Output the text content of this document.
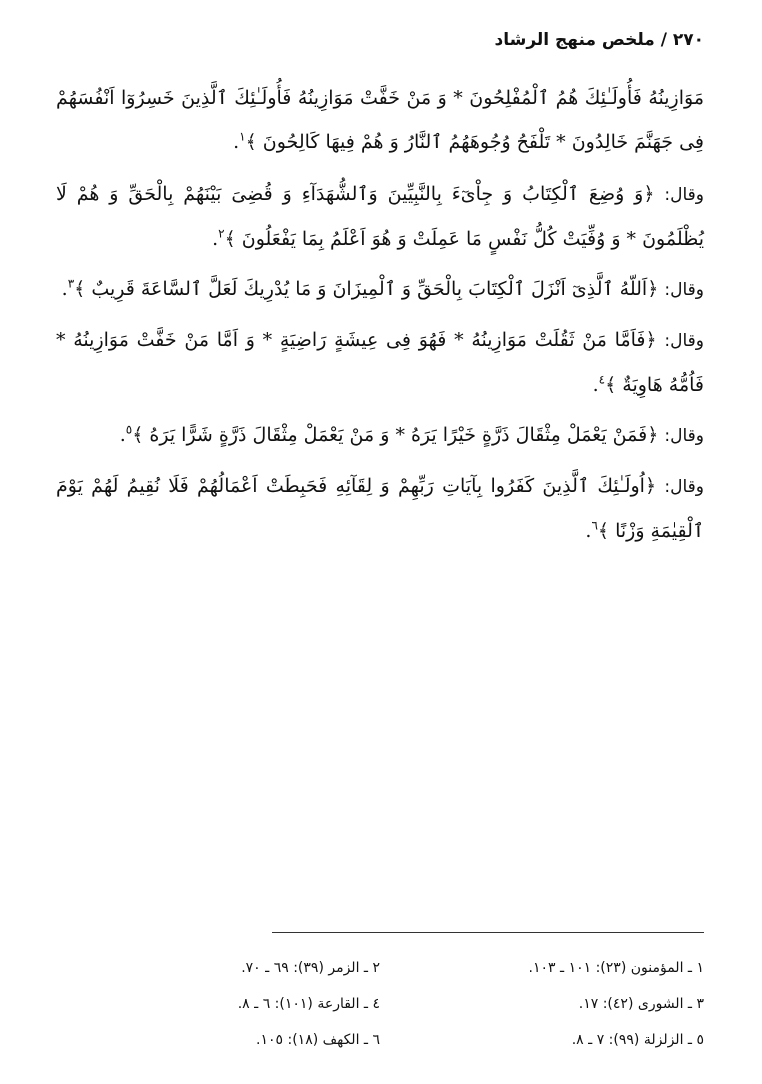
٢٧٠ / ملخص منهج الرشاد

مَوَازِينُهُ فَأُولَـٰئِكَ هُمُ ٱلْمُفْلِحُونَ * وَ مَنْ خَفَّتْ مَوَازِينُهُ فَأُولَـٰئِكَ ٱلَّذِينَ خَسِرُوٓا اَنْفُسَهُمْ فِى جَهَنَّمَ خَالِدُونَ * تَلْفَحُ وُجُوهَهُمُ ٱلنَّارُ وَ هُمْ فِيهَا كَالِحُونَ ﴾$^١$.

وقال: ﴿وَ وُضِعَ ٱلْكِتَابُ وَ جِاْىٓءَ بِالنَّبِيِّينَ وَٱلشُّهَدَآءِ وَ قُضِىَ بَيْنَهُمْ بِالْحَقِّ وَ هُمْ لَا يُظْلَمُونَ * وَ وُفِّيَتْ كُلُّ نَفْسٍ مَا عَمِلَتْ وَ هُوَ اَعْلَمُ بِمَا يَفْعَلُونَ ﴾$^٢$.

وقال: ﴿اَللّهُ ٱلَّذِىٓ اَنْزَلَ ٱلْكِتَابَ بِالْحَقِّ وَ ٱلْمِيزَانَ وَ مَا يُدْرِيكَ لَعَلَّ ٱلسَّاعَةَ قَرِيبٌ ﴾$^٣$.

وقال: ﴿فَاَمَّا مَنْ ثَقُلَتْ مَوَازِينُهُ * فَهُوَ فِى عِيشَةٍ رَاضِيَةٍ * وَ اَمَّا مَنْ خَفَّتْ مَوَازِينُهُ * فَاُمُّهُ هَاوِيَةٌ ﴾$^٤$.

وقال: ﴿فَمَنْ يَعْمَلْ مِثْقَالَ ذَرَّةٍ خَيْرًا يَرَهُ * وَ مَنْ يَعْمَلْ مِثْقَالَ ذَرَّةٍ شَرًّا يَرَهُ ﴾$^٥$.

وقال: ﴿اُولَـٰئِكَ ٱلَّذِينَ كَفَرُوا بِآيَاتِ رَبِّهِمْ وَ لِقَآئِهِ فَحَبِطَتْ اَعْمَالُهُمْ فَلَا نُقِيمُ لَهُمْ يَوْمَ ٱلْقِيٰمَةِ وَزْنًا ﴾$^٦$.

١ ـ المؤمنون (٢٣): ١٠١ ـ ١٠٣.
٢ ـ الزمر (٣٩): ٦٩ ـ ٧٠.
٣ ـ الشورى (٤٢): ١٧.
٤ ـ القارعة (١٠١): ٦ ـ ٨.
٥ ـ الزلزلة (٩٩): ٧ ـ ٨.
٦ ـ الكهف (١٨): ١٠٥.
